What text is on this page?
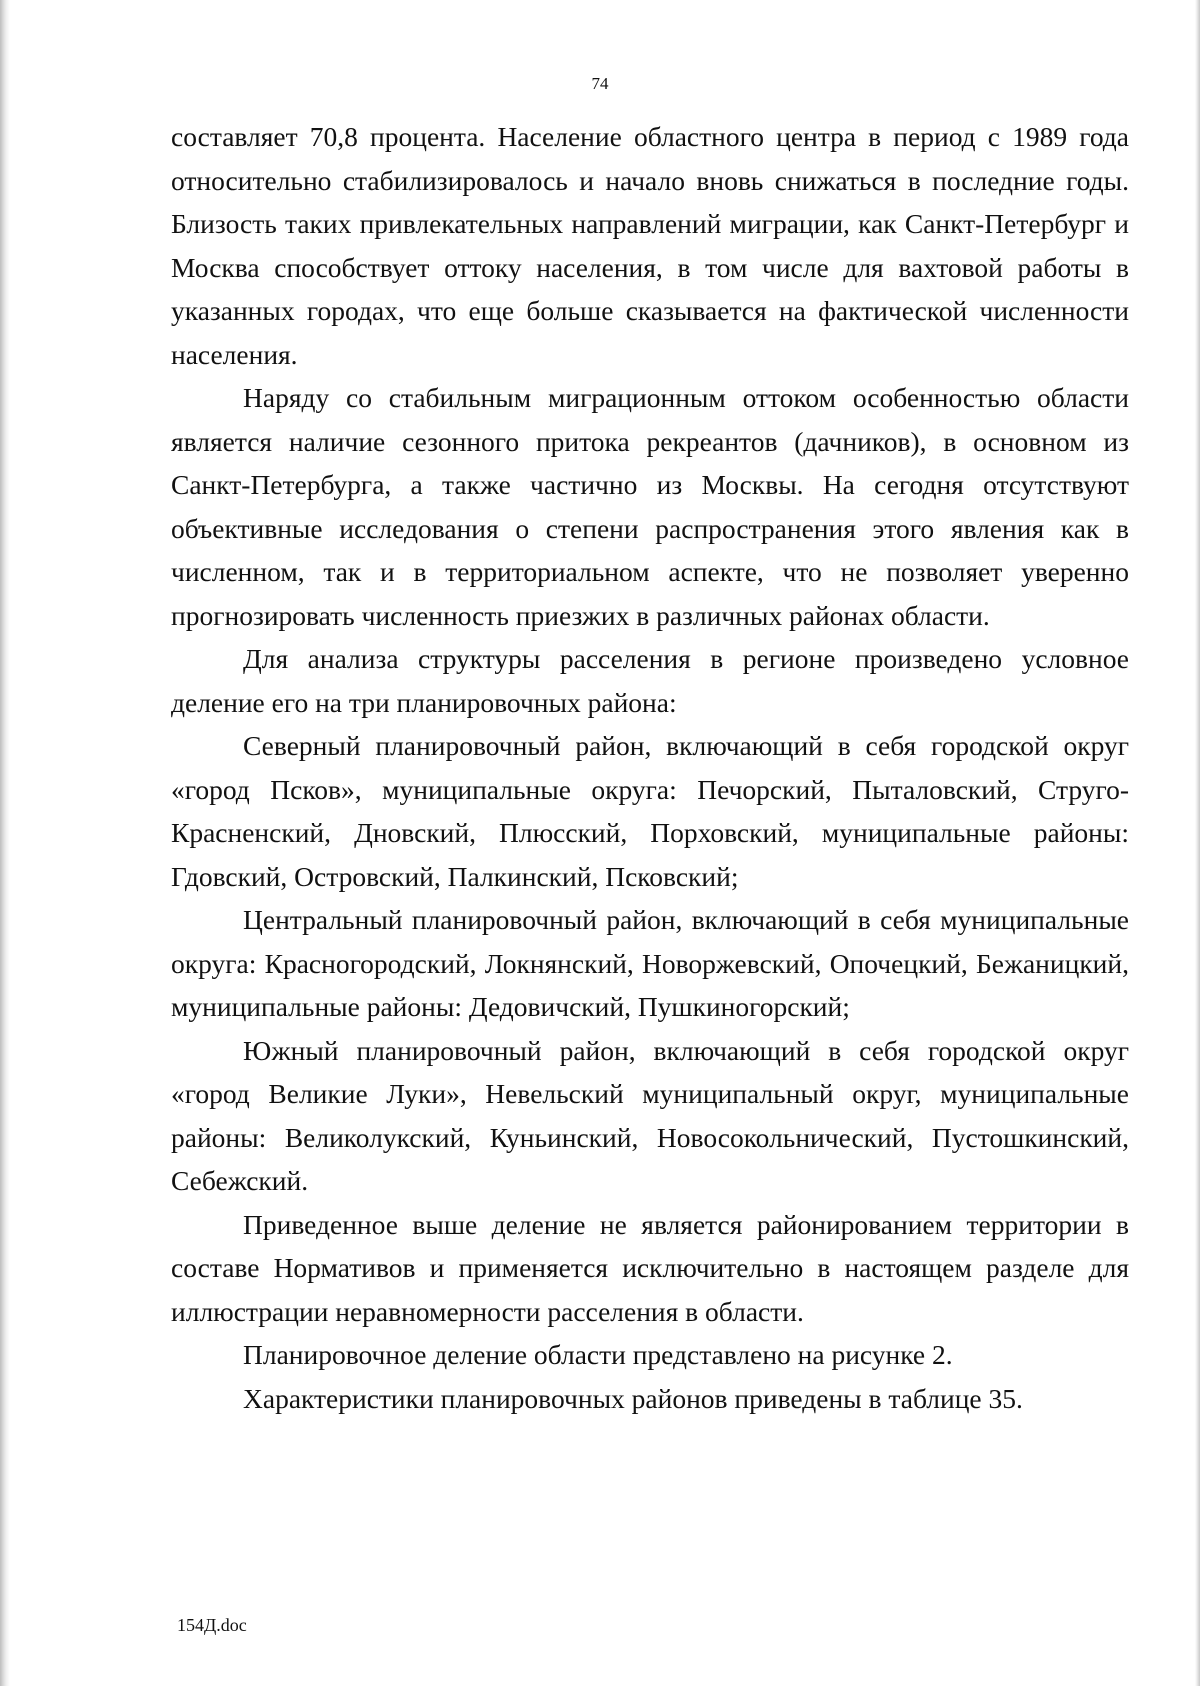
74

составляет 70,8 процента. Население областного центра в период с 1989 года относительно стабилизировалось и начало вновь снижаться в последние годы. Близость таких привлекательных направлений миграции, как Санкт-Петербург и Москва способствует оттоку населения, в том числе для вахтовой работы в указанных городах, что еще больше сказывается на фактической численности населения.

Наряду со стабильным миграционным оттоком особенностью области является наличие сезонного притока рекреантов (дачников), в основном из Санкт-Петербурга, а также частично из Москвы. На сегодня отсутствуют объективные исследования о степени распространения этого явления как в численном, так и в территориальном аспекте, что не позволяет уверенно прогнозировать численность приезжих в различных районах области.

Для анализа структуры расселения в регионе произведено условное деление его на три планировочных района:

Северный планировочный район, включающий в себя городской округ «город Псков», муниципальные округа: Печорский, Пыталовский, Струго-Красненский, Дновский, Плюсский, Порховский, муниципальные районы: Гдовский, Островский, Палкинский, Псковский;

Центральный планировочный район, включающий в себя муниципальные округа: Красногородский, Локнянский, Новоржевский, Опочецкий, Бежаницкий, муниципальные районы: Дедовичский, Пушкиногорский;

Южный планировочный район, включающий в себя городской округ «город Великие Луки», Невельский муниципальный округ, муниципальные районы: Великолукский, Куньинский, Новосокольнический, Пустошкинский, Себежский.

Приведенное выше деление не является районированием территории в составе Нормативов и применяется исключительно в настоящем разделе для иллюстрации неравномерности расселения в области.

Планировочное деление области представлено на рисунке 2.

Характеристики планировочных районов приведены в таблице 35.

154Д.doc
